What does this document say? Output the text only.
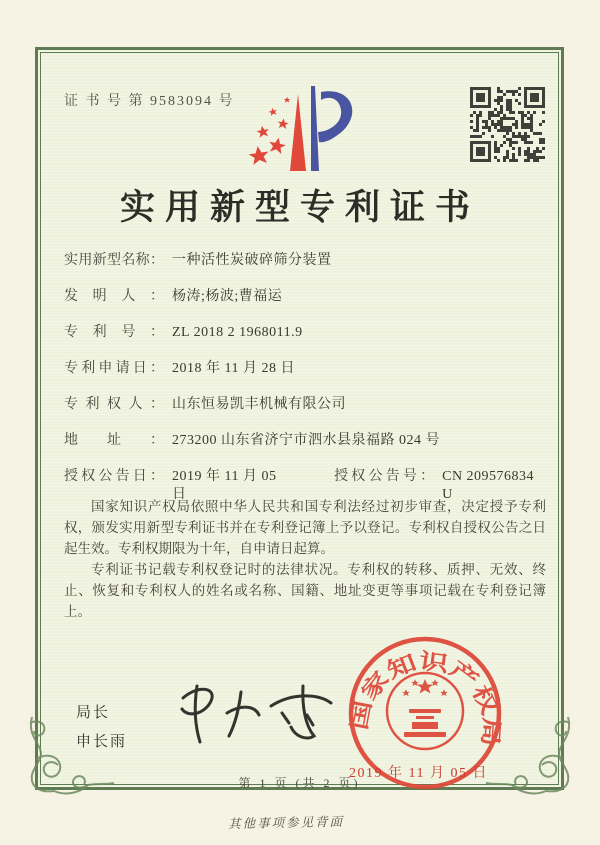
证 书 号 第 9583094 号
实用新型专利证书
实用新型名称： 一种活性炭破碎筛分装置
发明人： 杨涛;杨波;曹福运
专利号： ZL 2018 2 1968011.9
专利申请日： 2018 年 11 月 28 日
专利权人： 山东恒易凯丰机械有限公司
地址： 273200 山东省济宁市泗水县泉福路 024 号
授权公告日： 2019 年 11 月 05 日
授权公告号： CN 209576834 U

国家知识产权局依照中华人民共和国专利法经过初步审查，决定授予专利权，颁发实用新型专利证书并在专利登记簿上予以登记。专利权自授权公告之日起生效。专利权期限为十年，自申请日起算。

专利证书记载专利权登记时的法律状况。专利权的转移、质押、无效、终止、恢复和专利权人的姓名或名称、国籍、地址变更等事项记载在专利登记簿上。

局长
申长雨
国家知识产权局
2019 年 11 月 05 日
第 1 页 (共 2 页)
其他事项参见背面
